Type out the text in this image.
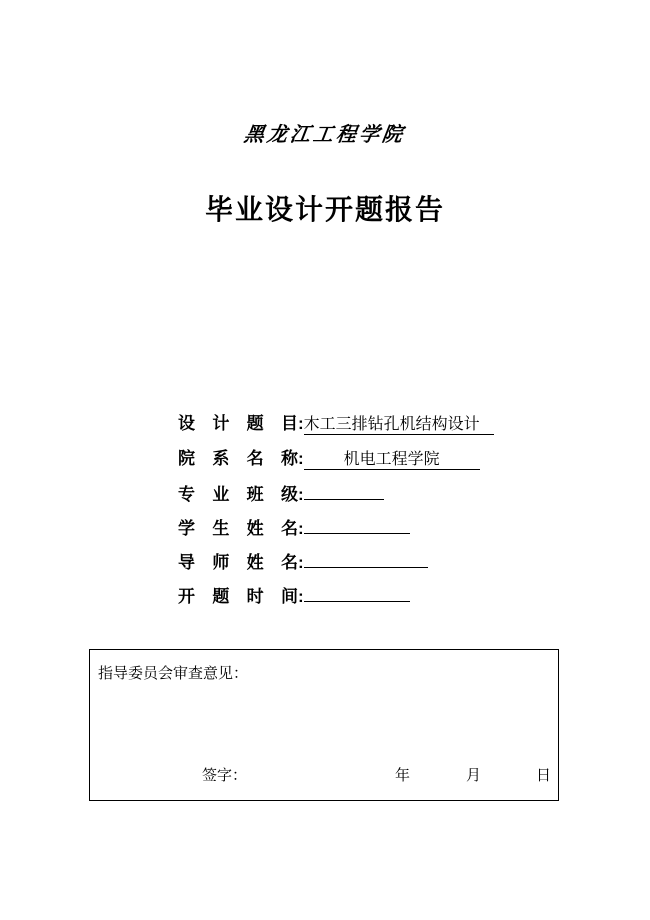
黑龙江工程学院
毕业设计开题报告
设 计 题 目 : 木工三排钻孔机结构设计
院 系 名 称 :	机电工程学院
专 业 班 级 :
学 生 姓 名 :
导 师 姓 名 :
开 题 时 间 :
指导委员会审查意见：
签字：	年	月	日
